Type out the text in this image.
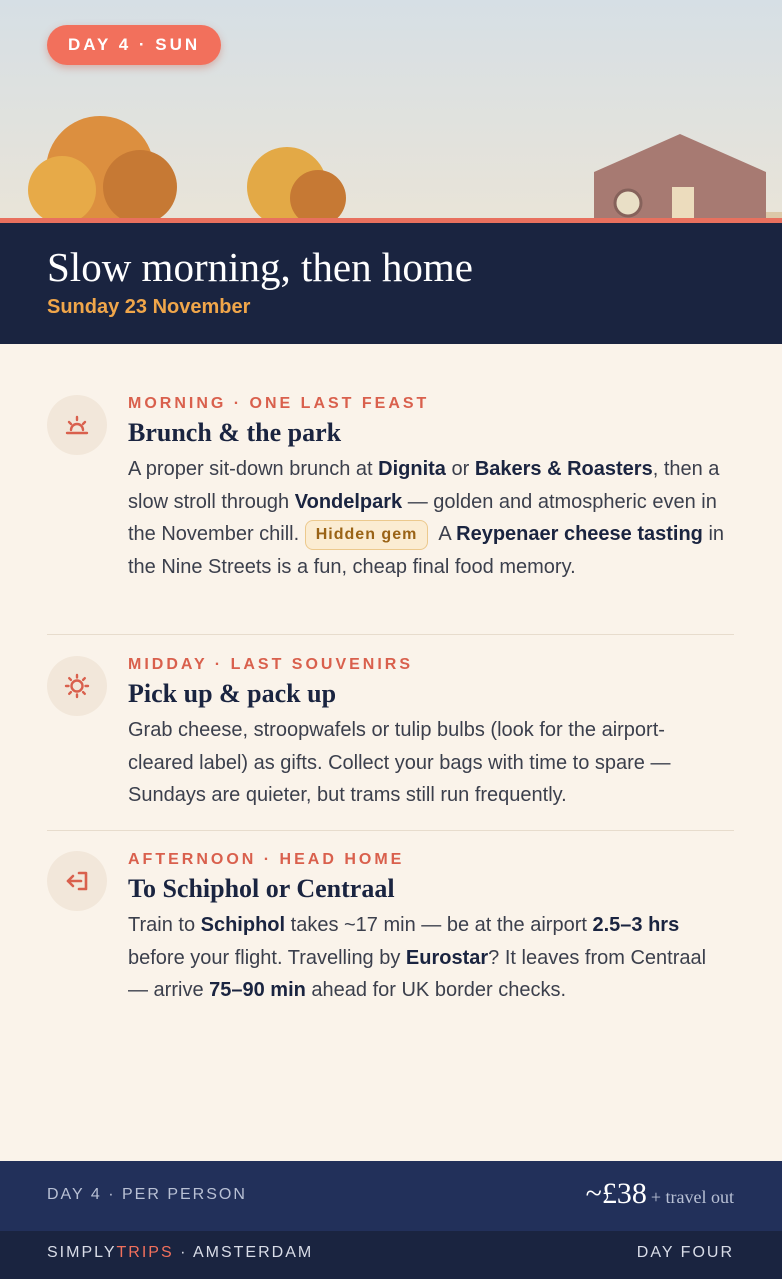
DAY 4 · SUN
Slow morning, then home
Sunday 23 November
MORNING · ONE LAST FEAST
Brunch & the park
A proper sit-down brunch at Dignita or Bakers & Roasters, then a slow stroll through Vondelpark — golden and atmospheric even in the November chill. Hidden gem  A Reypenaer cheese tasting in the Nine Streets is a fun, cheap final food memory.
MIDDAY · LAST SOUVENIRS
Pick up & pack up
Grab cheese, stroopwafels or tulip bulbs (look for the airport-cleared label) as gifts. Collect your bags with time to spare — Sundays are quieter, but trams still run frequently.
AFTERNOON · HEAD HOME
To Schiphol or Centraal
Train to Schiphol takes ~17 min — be at the airport 2.5–3 hrs before your flight. Travelling by Eurostar? It leaves from Centraal — arrive 75–90 min ahead for UK border checks.
DAY 4 · PER PERSON	~£38 + travel out
SIMPLYTRIPS · AMSTERDAM	DAY FOUR
